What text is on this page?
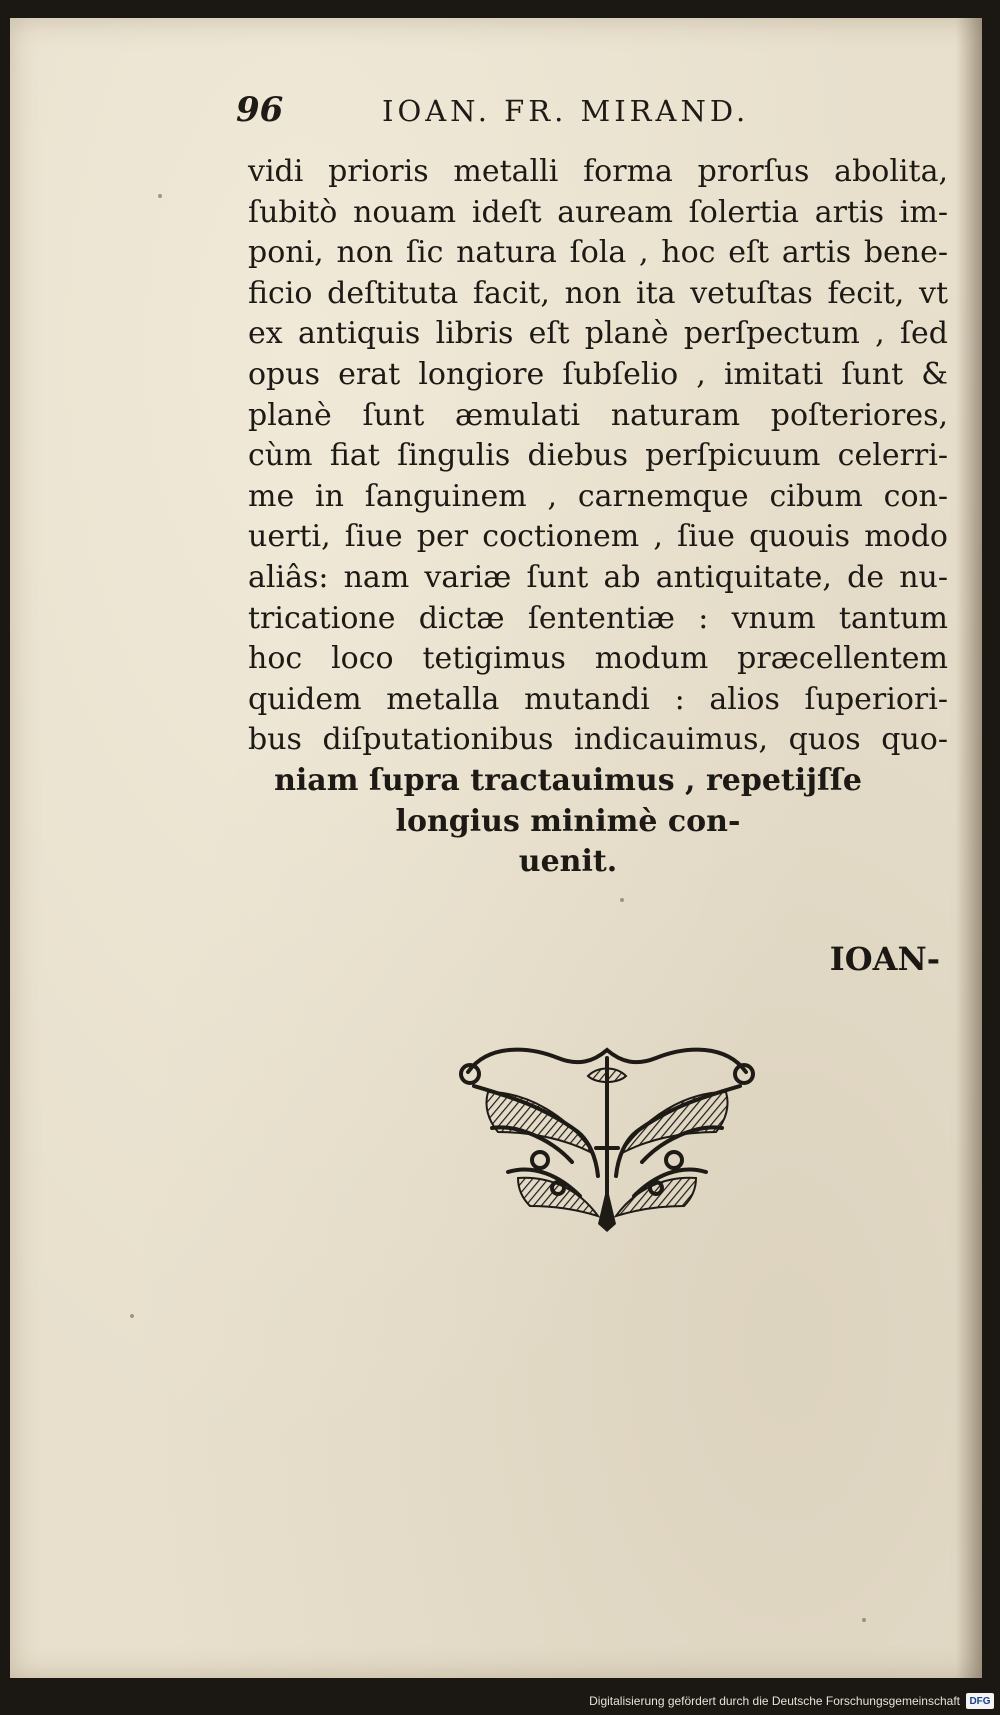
96	IOAN. FR. MIRAND.
vidi prioris metalli forma prorſus abolita,
ſubitò nouam ideſt auream ſolertia artis im-
poni, non ſic natura ſola , hoc eſt artis bene-
ficio deſtituta facit, non ita vetuſtas fecit, vt
ex antiquis libris eſt planè perſpectum , ſed
opus erat longiore ſubſelio , imitati ſunt &
planè ſunt æmulati naturam poſteriores,
cùm fiat ſingulis diebus perſpicuum celerri-
me in ſanguinem , carnemque cibum con-
uerti, ſiue per coctionem , ſiue quouis modo
aliâs: nam variæ ſunt ab antiquitate, de nu-
tricatione dictæ ſententiæ : vnum tantum
hoc loco tetigimus modum præcellentem
quidem metalla mutandi : alios ſuperiori-
bus diſputationibus indicauimus, quos quo-
niam ſupra tractauimus , repetijſſe
longius minimè con-
uenit.
IOAN-
Digitalisierung gefördert durch die Deutsche Forschungsgemeinschaft DFG
